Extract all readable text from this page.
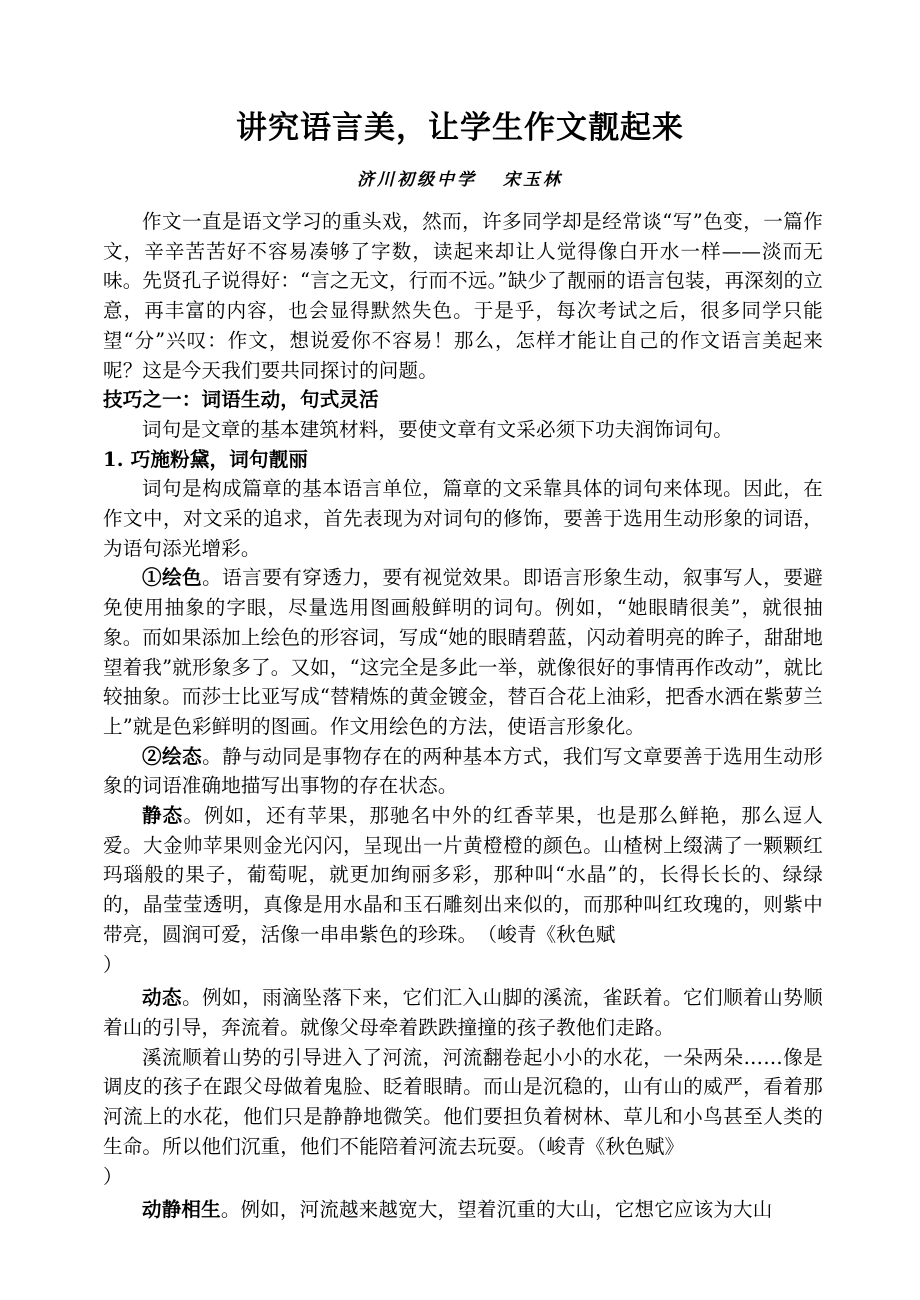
讲究语言美，让学生作文靓起来
济川初级中学 宋玉林

作文一直是语文学习的重头戏，然而，许多同学却是经常谈“写”色变，一篇作文，辛辛苦苦好不容易凑够了字数，读起来却让人觉得像白开水一样——淡而无味。先贤孔子说得好：“言之无文，行而不远。”缺少了靓丽的语言包装，再深刻的立意，再丰富的内容，也会显得默然失色。于是乎，每次考试之后，很多同学只能望“分”兴叹：作文，想说爱你不容易！那么，怎样才能让自己的作文语言美起来呢？这是今天我们要共同探讨的问题。

技巧之一：词语生动，句式灵活

词句是文章的基本建筑材料，要使文章有文采必须下功夫润饰词句。

1. 巧施粉黛，词句靓丽

词句是构成篇章的基本语言单位，篇章的文采靠具体的词句来体现。因此，在作文中，对文采的追求，首先表现为对词句的修饰，要善于选用生动形象的词语，为语句添光增彩。

①绘色。语言要有穿透力，要有视觉效果。即语言形象生动，叙事写人，要避免使用抽象的字眼，尽量选用图画般鲜明的词句。例如，“她眼睛很美”，就很抽象。而如果添加上绘色的形容词，写成“她的眼睛碧蓝，闪动着明亮的眸子，甜甜地望着我”就形象多了。又如，“这完全是多此一举，就像很好的事情再作改动”，就比较抽象。而莎士比亚写成“替精炼的黄金镀金，替百合花上油彩，把香水洒在紫萝兰上”就是色彩鲜明的图画。作文用绘色的方法，使语言形象化。

②绘态。静与动同是事物存在的两种基本方式，我们写文章要善于选用生动形象的词语准确地描写出事物的存在状态。

静态。例如，还有苹果，那驰名中外的红香苹果，也是那么鲜艳，那么逗人爱。大金帅苹果则金光闪闪，呈现出一片黄橙橙的颜色。山楂树上缀满了一颗颗红玛瑙般的果子，葡萄呢，就更加绚丽多彩，那种叫“水晶”的，长得长长的、绿绿的，晶莹莹透明，真像是用水晶和玉石雕刻出来似的，而那种叫红玫瑰的，则紫中带亮，圆润可爱，活像一串串紫色的珍珠。　（峻青《秋色赋

）

动态。例如，雨滴坠落下来，它们汇入山脚的溪流，雀跃着。它们顺着山势顺着山的引导，奔流着。就像父母牵着跌跌撞撞的孩子教他们走路。

溪流顺着山势的引导进入了河流，河流翻卷起小小的水花，一朵两朵……像是调皮的孩子在跟父母做着鬼脸、眨着眼睛。而山是沉稳的，山有山的威严，看着那河流上的水花，他们只是静静地微笑。他们要担负着树林、草儿和小鸟甚至人类的生命。所以他们沉重，他们不能陪着河流去玩耍。（峻青《秋色赋》

）

动静相生。例如，河流越来越宽大，望着沉重的大山，它想它应该为大山
